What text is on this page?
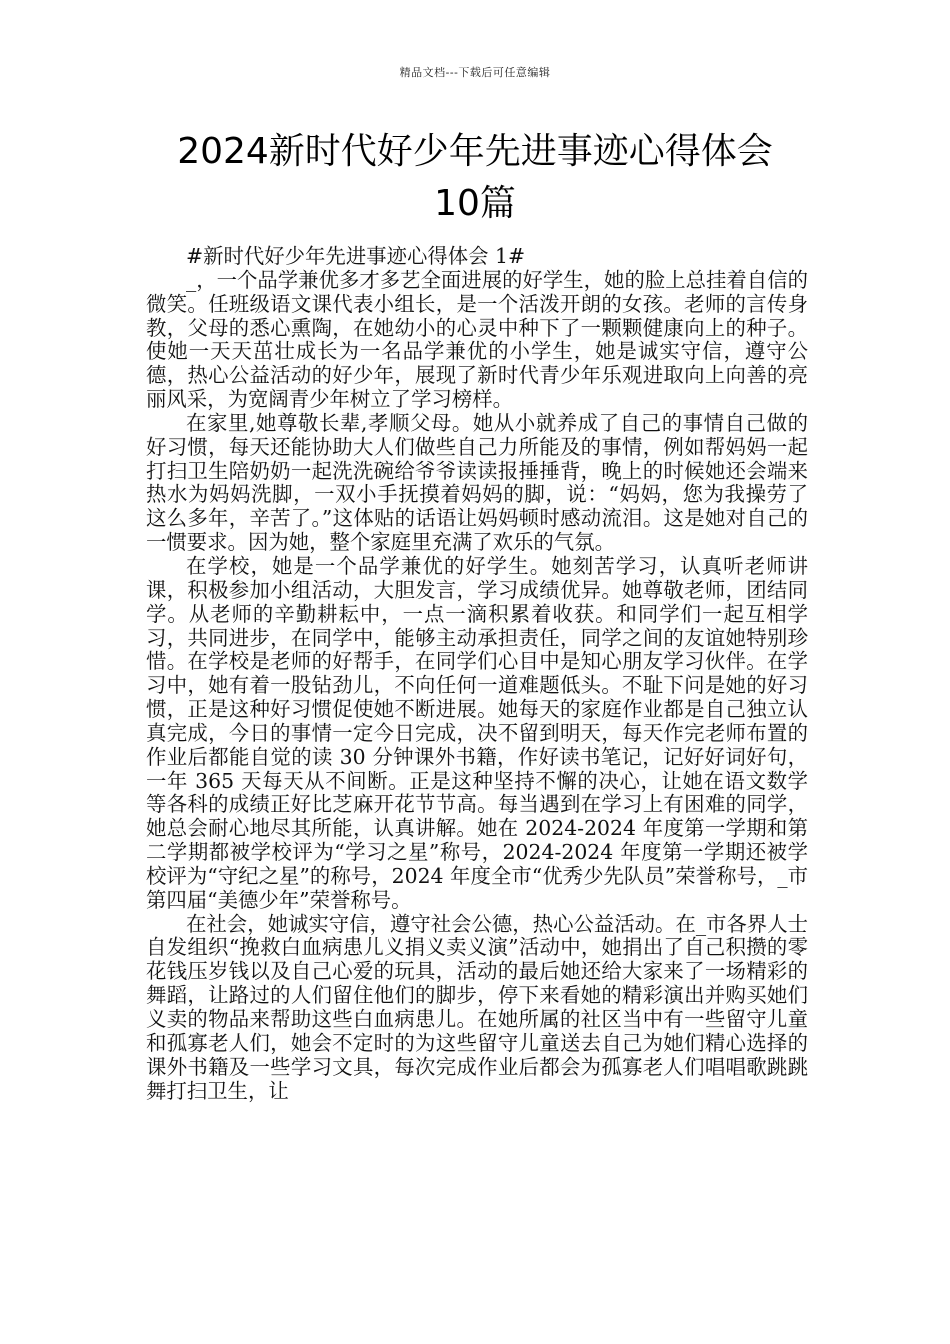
精品文档---下载后可任意编辑
2024新时代好少年先进事迹心得体会
10篇

#新时代好少年先进事迹心得体会 1#

_，一个品学兼优多才多艺全面进展的好学生，她的脸上总挂着自信的微笑。任班级语文课代表小组长，是一个活泼开朗的女孩。老师的言传身教，父母的悉心熏陶，在她幼小的心灵中种下了一颗颗健康向上的种子。使她一天天茁壮成长为一名品学兼优的小学生，她是诚实守信，遵守公德，热心公益活动的好少年，展现了新时代青少年乐观进取向上向善的亮丽风采，为宽阔青少年树立了学习榜样。

在家里,她尊敬长辈,孝顺父母。她从小就养成了自己的事情自己做的好习惯，每天还能协助大人们做些自己力所能及的事情，例如帮妈妈一起打扫卫生陪奶奶一起洗洗碗给爷爷读读报捶捶背，晚上的时候她还会端来热水为妈妈洗脚，一双小手抚摸着妈妈的脚，说：“妈妈，您为我操劳了这么多年，辛苦了。”这体贴的话语让妈妈顿时感动流泪。这是她对自己的一惯要求。因为她，整个家庭里充满了欢乐的气氛。

在学校，她是一个品学兼优的好学生。她刻苦学习，认真听老师讲课，积极参加小组活动，大胆发言，学习成绩优异。她尊敬老师，团结同学。从老师的辛勤耕耘中，一点一滴积累着收获。和同学们一起互相学习，共同进步，在同学中，能够主动承担责任，同学之间的友谊她特别珍惜。在学校是老师的好帮手，在同学们心目中是知心朋友学习伙伴。在学习中，她有着一股钻劲儿，不向任何一道难题低头。不耻下问是她的好习惯，正是这种好习惯促使她不断进展。她每天的家庭作业都是自己独立认真完成，今日的事情一定今日完成，决不留到明天，每天作完老师布置的作业后都能自觉的读 30 分钟课外书籍，作好读书笔记，记好好词好句，一年 365 天每天从不间断。正是这种坚持不懈的决心，让她在语文数学等各科的成绩正好比芝麻开花节节高。每当遇到在学习上有困难的同学，她总会耐心地尽其所能，认真讲解。她在 2024-2024 年度第一学期和第二学期都被学校评为“学习之星”称号，2024-2024 年度第一学期还被学校评为“守纪之星”的称号，2024 年度全市“优秀少先队员”荣誉称号，_市第四届“美德少年”荣誉称号。

在社会，她诚实守信，遵守社会公德，热心公益活动。在_市各界人士自发组织“挽救白血病患儿义捐义卖义演”活动中，她捐出了自己积攒的零花钱压岁钱以及自己心爱的玩具，活动的最后她还给大家来了一场精彩的舞蹈，让路过的人们留住他们的脚步，停下来看她的精彩演出并购买她们义卖的物品来帮助这些白血病患儿。在她所属的社区当中有一些留守儿童和孤寡老人们，她会不定时的为这些留守儿童送去自己为她们精心选择的课外书籍及一些学习文具，每次完成作业后都会为孤寡老人们唱唱歌跳跳舞打扫卫生，让
